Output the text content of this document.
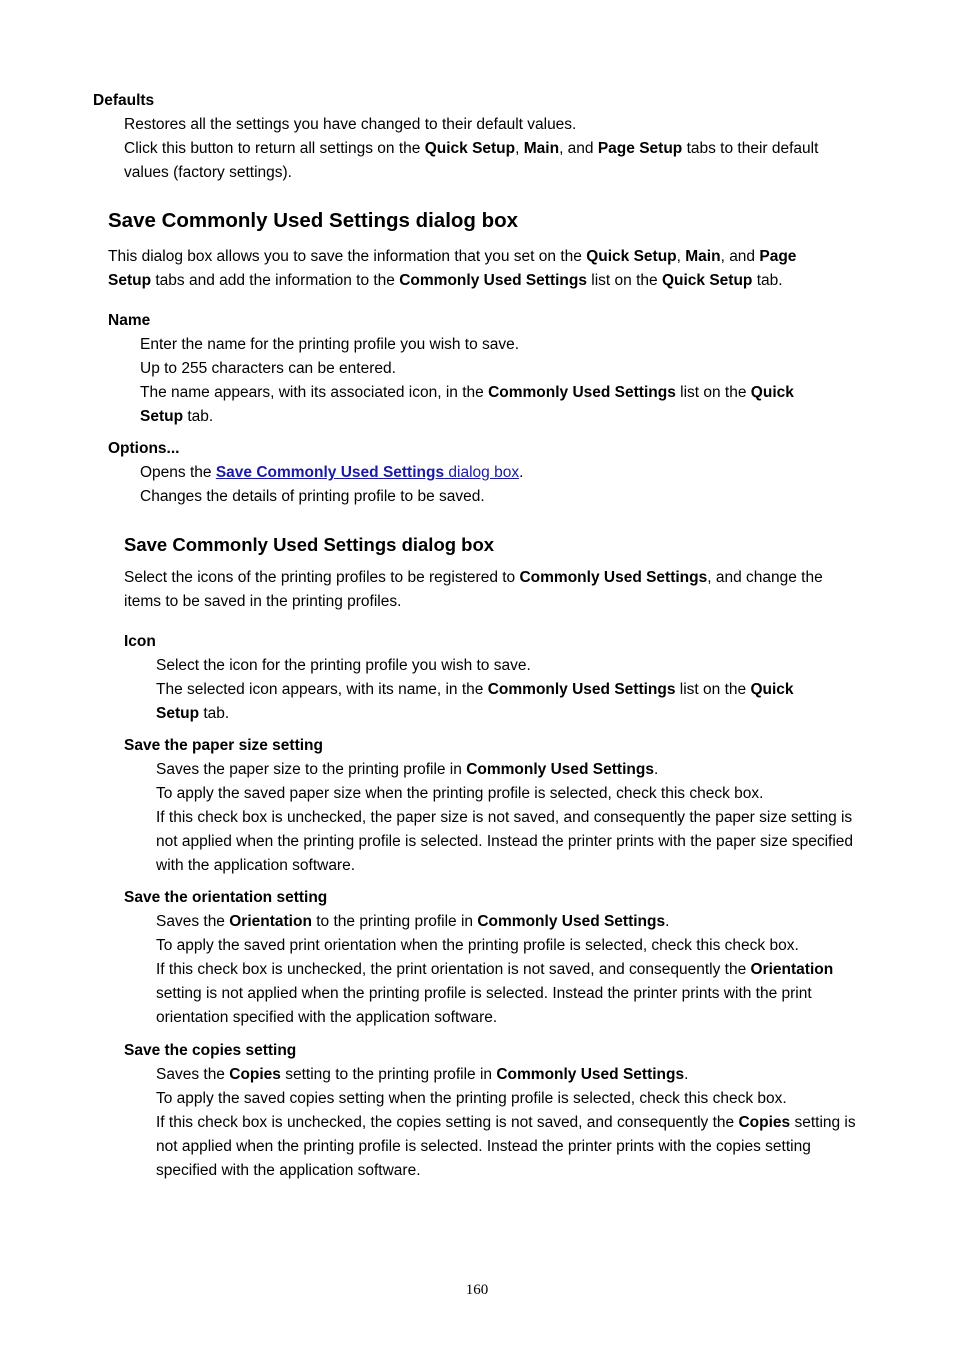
Defaults

Restores all the settings you have changed to their default values.

Click this button to return all settings on the Quick Setup, Main, and Page Setup tabs to their default values (factory settings).

Save Commonly Used Settings dialog box
This dialog box allows you to save the information that you set on the Quick Setup, Main, and Page Setup tabs and add the information to the Commonly Used Settings list on the Quick Setup tab.
Name

Enter the name for the printing profile you wish to save.

Up to 255 characters can be entered.

The name appears, with its associated icon, in the Commonly Used Settings list on the Quick Setup tab.

Options...

Opens the Save Commonly Used Settings dialog box.

Changes the details of printing profile to be saved.

Save Commonly Used Settings dialog box
Select the icons of the printing profiles to be registered to Commonly Used Settings, and change the items to be saved in the printing profiles.
Icon

Select the icon for the printing profile you wish to save.

The selected icon appears, with its name, in the Commonly Used Settings list on the Quick Setup tab.

Save the paper size setting

Saves the paper size to the printing profile in Commonly Used Settings.

To apply the saved paper size when the printing profile is selected, check this check box.

If this check box is unchecked, the paper size is not saved, and consequently the paper size setting is not applied when the printing profile is selected. Instead the printer prints with the paper size specified with the application software.

Save the orientation setting

Saves the Orientation to the printing profile in Commonly Used Settings.

To apply the saved print orientation when the printing profile is selected, check this check box.

If this check box is unchecked, the print orientation is not saved, and consequently the Orientation setting is not applied when the printing profile is selected. Instead the printer prints with the print orientation specified with the application software.

Save the copies setting

Saves the Copies setting to the printing profile in Commonly Used Settings.

To apply the saved copies setting when the printing profile is selected, check this check box.

If this check box is unchecked, the copies setting is not saved, and consequently the Copies setting is not applied when the printing profile is selected. Instead the printer prints with the copies setting specified with the application software.

160
